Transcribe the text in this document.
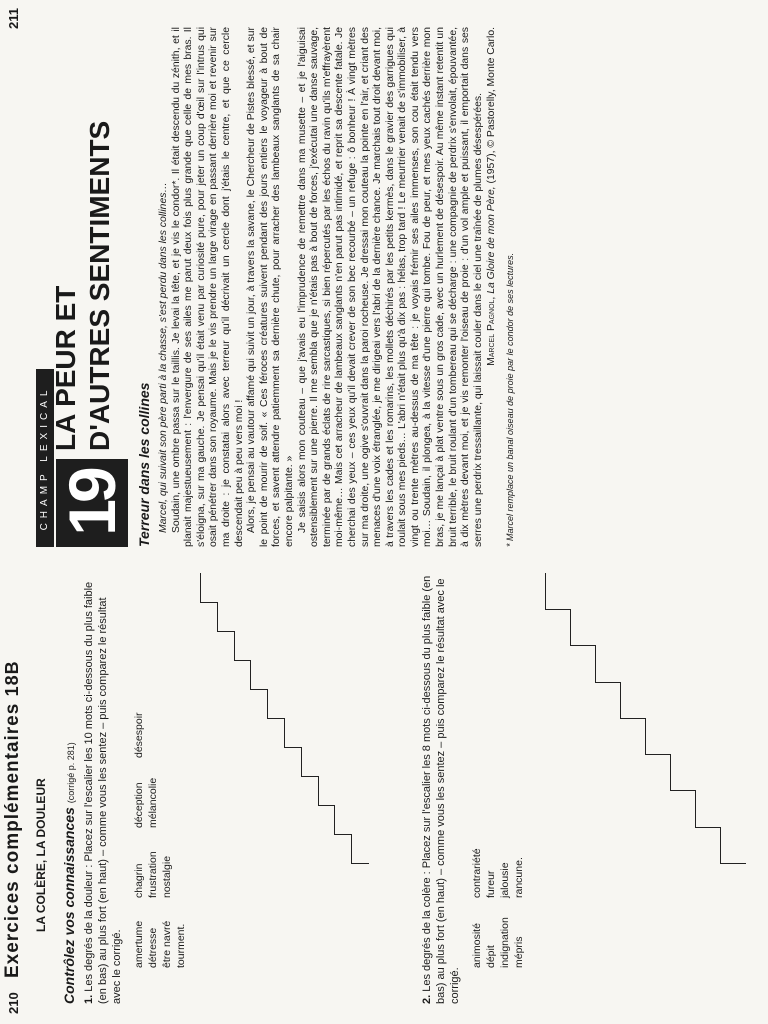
210
Exercices complémentaires 18B
LA COLÈRE, LA DOULEUR Contrôlez vos connaissances (corrigé p. 281)
1. Les degrés de la douleur : Placez sur l'escalier les 10 mots ci-dessous du plus faible (en bas) au plus fort (en haut) – comme vous les sentez – puis comparez le résultat avec le corrigé. amertume
chagrin
déception
désespoir
détresse
frustration
mélancolie
être navré
nostalgie
tourment.
2. Les degrés de la colère : Placez sur l'escalier les 8 mots ci-dessous du plus faible (en bas) au plus fort (en haut) – comme vous les sentez – puis comparez le résultat avec le corrigé.
animosité
contrariété
dépit
fureur
indignation
jalousie
mépris
rancune.
211
CHAMP LEXICAL 19
LA PEUR ET D'AUTRES SENTIMENTS
Terreur dans les collines Marcel, qui suivait son père parti à la chasse, s'est perdu dans les collines… Soudain, une ombre passa sur le taillis. Je levai la tête, et je vis le condor*. Il était descendu du zénith, et il planait majestueusement : l'envergure de ses ailes me parut deux fois plus grande que celle de mes bras. Il s'éloigna, sur ma gauche. Je pensai qu'il était venu par curiosité pure, pour jeter un coup d'œil sur l'intrus qui osait pénétrer dans son royaume. Mais je le vis prendre un large virage en passant derrière moi et revenir sur ma droite : je constatai alors avec terreur qu'il décrivait un cercle dont j'étais le centre, et que ce cercle descendait peu à peu vers moi ! Alors, je pensai au vautour affamé qui suivit un jour, à travers la savane, le Chercheur de Pistes blessé, et sur le point de mourir de soif. « Ces féroces créatures suivent pendant des jours entiers le voyageur à bout de forces, et savent attendre patiemment sa dernière chute, pour arracher des lambeaux sanglants de sa chair encore palpitante. » Je saisis alors mon couteau – que j'avais eu l'imprudence de remettre dans ma musette – et je l'aiguisai ostensiblement sur une pierre. Il me sembla que je n'étais pas à bout de forces, j'exécutai une danse sauvage, terminée par de grands éclats de rire sarcastiques, si bien répercutés par les échos du ravin qu'ils m'effrayèrent moi-même… Mais cet arracheur de lambeaux sanglants n'en parut pas intimidé, et reprit sa descente fatale. Je cherchai des yeux – ces yeux qu'il devait crever de son bec recourbé – un refuge : ô bonheur ! À vingt mètres sur ma droite, une ogive s'ouvrait dans la paroi rocheuse. Je dressai mon couteau la pointe en l'air, et criant des menaces d'une voix étranglée, je me dirigeai vers l'abri de la dernière chance. Je marchais tout droit devant moi, à travers les cades et les romarins, les mollets déchirés par les petits kermès, dans le gravier des garrigues qui roulait sous mes pieds… L'abri n'était plus qu'à dix pas : hélas, trop tard ! Le meurtrier venait de s'immobiliser, à vingt ou trente mètres au-dessus de ma tête : je voyais frémir ses ailes immenses, son cou était tendu vers moi… Soudain, il plongea, à la vitesse d'une pierre qui tombe. Fou de peur, et mes yeux cachés derrière mon bras, je me lançai à plat ventre sous un gros cade, avec un hurlement de désespoir. Au même instant retentit un bruit terrible, le bruit roulant d'un tombereau qui se décharge : une compagnie de perdrix s'envolait, épouvantée, à dix mètres devant moi, et je vis remonter l'oiseau de proie : d'un vol ample et puissant, il emportait dans ses serres une perdrix tressaillante, qui laissait couler dans le ciel une traînée de plumes désespérées. Marcel Pagnol, La Gloire de mon Père, (1957), © Pastorelly, Monte Carlo.

* Marcel remplace un banal oiseau de proie par le condor de ses lectures.
